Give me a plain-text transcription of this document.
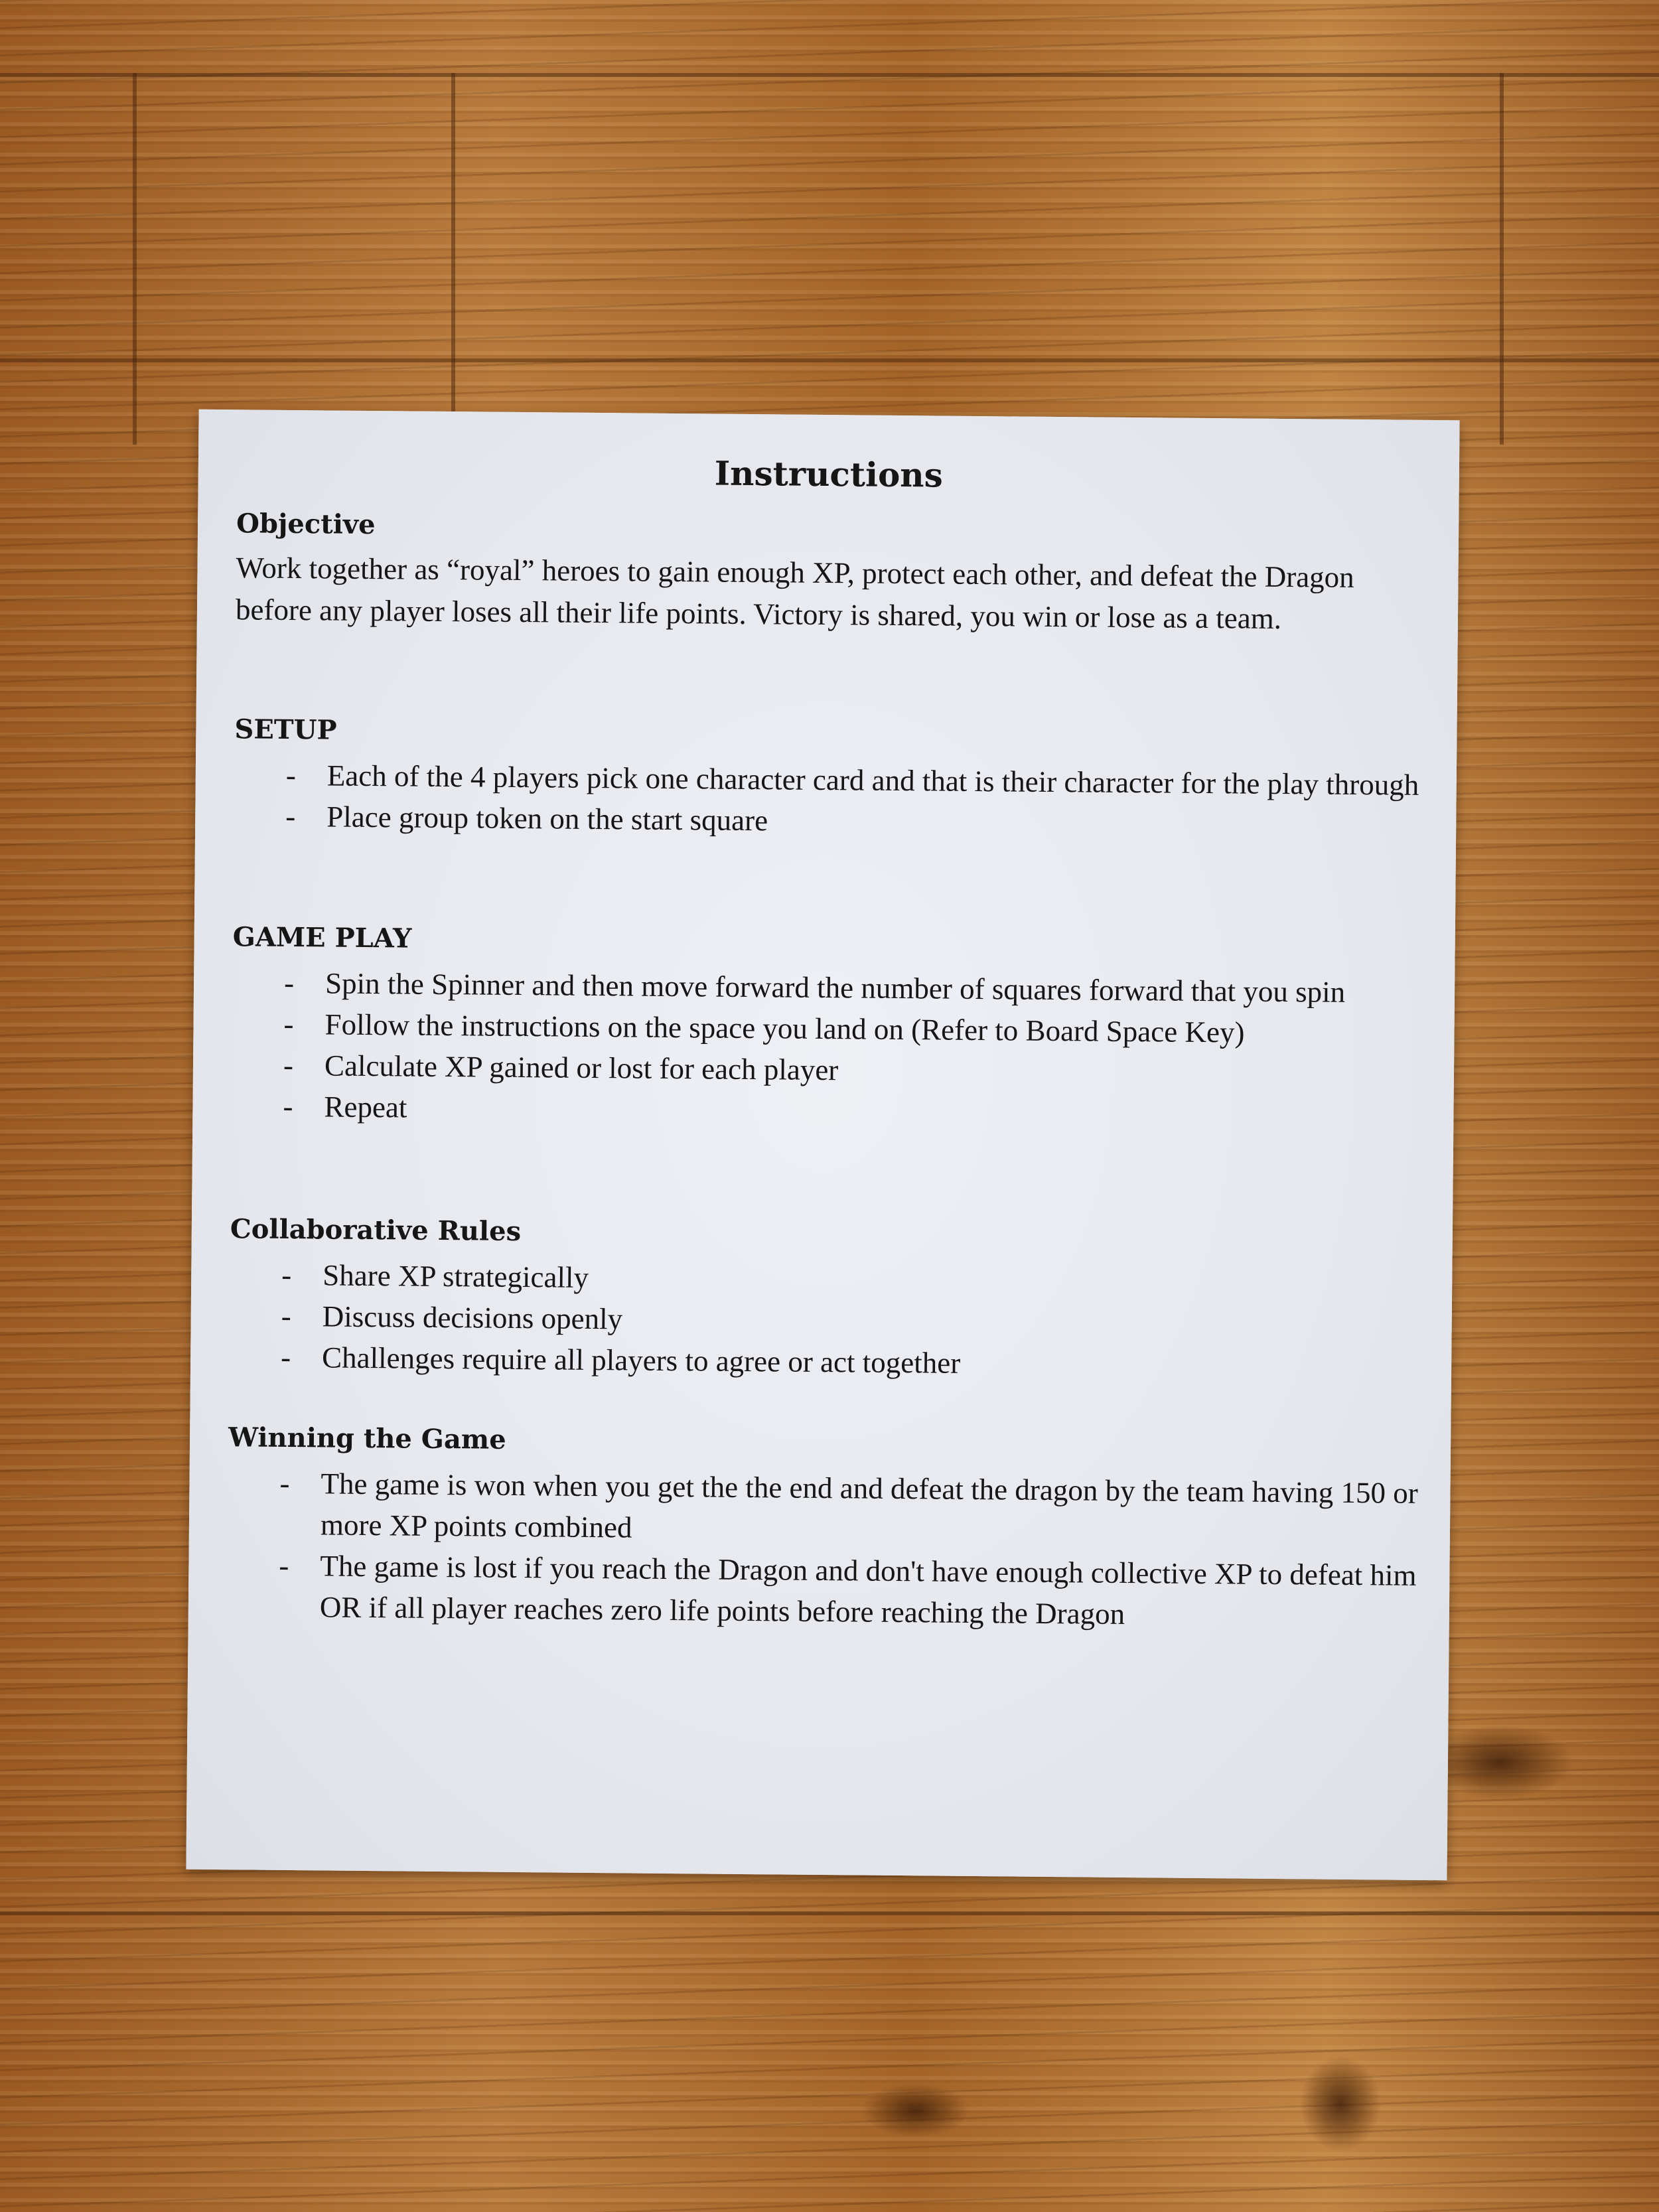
Instructions
Objective

Work together as “royal” heroes to gain enough XP, protect each other, and defeat the Dragon before any player loses all their life points. Victory is shared, you win or lose as a team.

SETUP
- Each of the 4 players pick one character card and that is their character for the play through
- Place group token on the start square
GAME PLAY
- Spin the Spinner and then move forward the number of squares forward that you spin
- Follow the instructions on the space you land on (Refer to Board Space Key)
- Calculate XP gained or lost for each player
- Repeat
Collaborative Rules
- Share XP strategically
- Discuss decisions openly
- Challenges require all players to agree or act together
Winning the Game
- The game is won when you get the the end and defeat the dragon by the team having 150 or more XP points combined
- The game is lost if you reach the Dragon and don't have enough collective XP to defeat him OR if all player reaches zero life points before reaching the Dragon
